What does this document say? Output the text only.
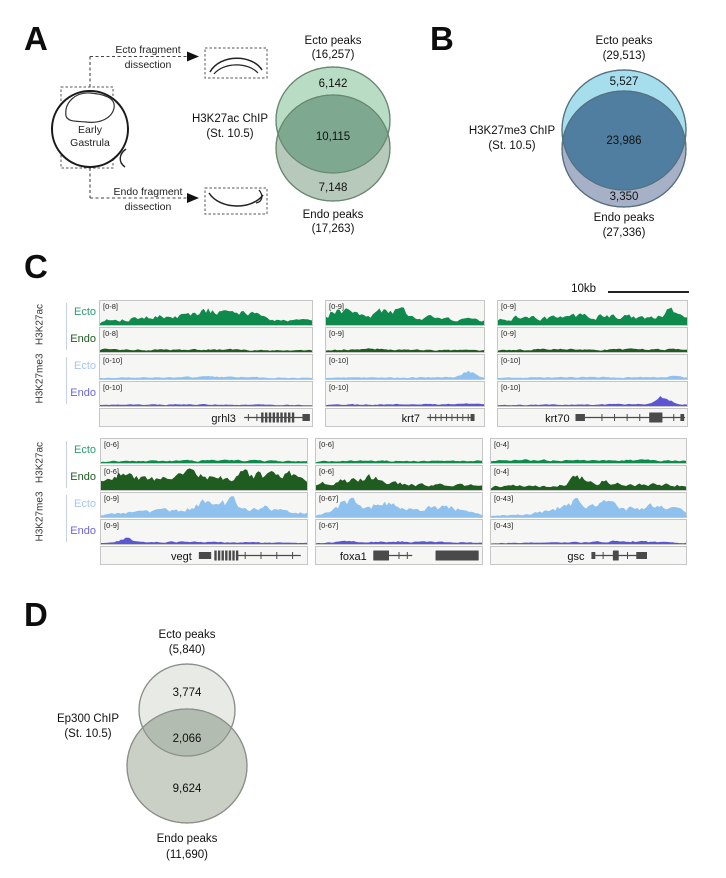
A	B
C
D
Ecto fragment
dissection
Early
Gastrula
Endo fragment
dissection
H3K27ac ChIP
(St. 10.5)
Ecto peaks
(16,257)
6,142
10,115
7,148
Endo peaks
(17,263)
H3K27me3 ChIP
(St. 10.5)
Ecto peaks
(29,513)
5,527
23,986
3,350
Endo peaks
(27,336)
10kb
Ecto
Endo
Ecto
Endo
H3K27ac
H3K27me3
[0-8]
[0-8]
[0-10]
[0-10]
grhl3
[0-9]
[0-9]
[0-10]
[0-10]
krt7
[0-9]
[0-9]
[0-10]
[0-10]
krt70
Ecto
Endo
Ecto
Endo
H3K27ac
H3K27me3
[0-6]
[0-6]
[0-9]
[0-9]
vegt
[0-6]
[0-6]
[0-67]
[0-67]
foxa1
[0-4]
[0-4]
[0-43]
[0-43]
gsc
Ep300 ChIP
(St. 10.5)
Ecto peaks
(5,840)
3,774
2,066
9,624
Endo peaks
(11,690)
